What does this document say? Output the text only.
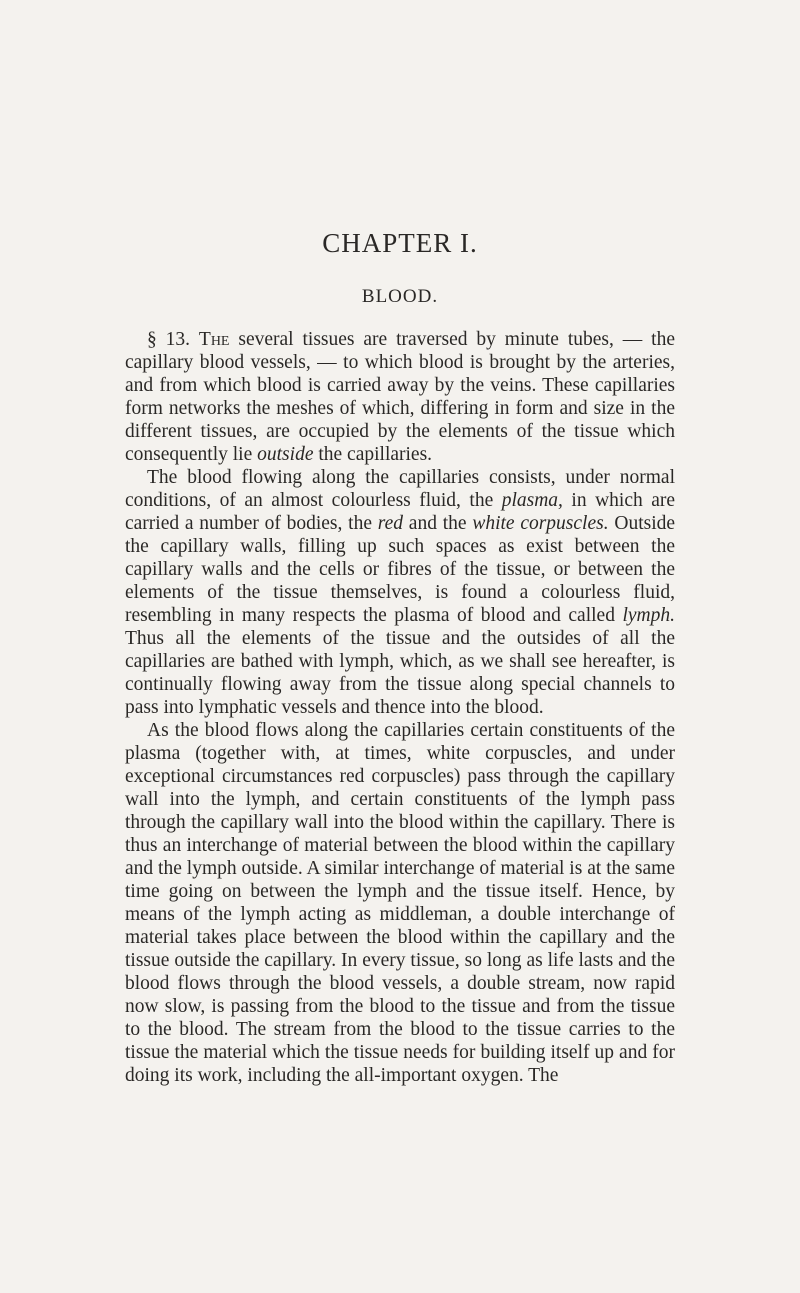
CHAPTER I.
BLOOD.

§ 13. The several tissues are traversed by minute tubes, — the capillary blood vessels, — to which blood is brought by the arteries, and from which blood is carried away by the veins. These capillaries form networks the meshes of which, differing in form and size in the different tissues, are occupied by the elements of the tissue which consequently lie outside the capillaries.

The blood flowing along the capillaries consists, under normal conditions, of an almost colourless fluid, the plasma, in which are carried a number of bodies, the red and the white corpuscles. Outside the capillary walls, filling up such spaces as exist between the capillary walls and the cells or fibres of the tissue, or between the elements of the tissue themselves, is found a colourless fluid, resembling in many respects the plasma of blood and called lymph. Thus all the elements of the tissue and the outsides of all the capillaries are bathed with lymph, which, as we shall see hereafter, is continually flowing away from the tissue along special channels to pass into lymphatic vessels and thence into the blood.

As the blood flows along the capillaries certain constituents of the plasma (together with, at times, white corpuscles, and under exceptional circumstances red corpuscles) pass through the capillary wall into the lymph, and certain constituents of the lymph pass through the capillary wall into the blood within the capillary. There is thus an interchange of material between the blood within the capillary and the lymph outside. A similar interchange of material is at the same time going on between the lymph and the tissue itself. Hence, by means of the lymph acting as middleman, a double interchange of material takes place between the blood within the capillary and the tissue outside the capillary. In every tissue, so long as life lasts and the blood flows through the blood vessels, a double stream, now rapid now slow, is passing from the blood to the tissue and from the tissue to the blood. The stream from the blood to the tissue carries to the tissue the material which the tissue needs for building itself up and for doing its work, including the all-important oxygen. The
